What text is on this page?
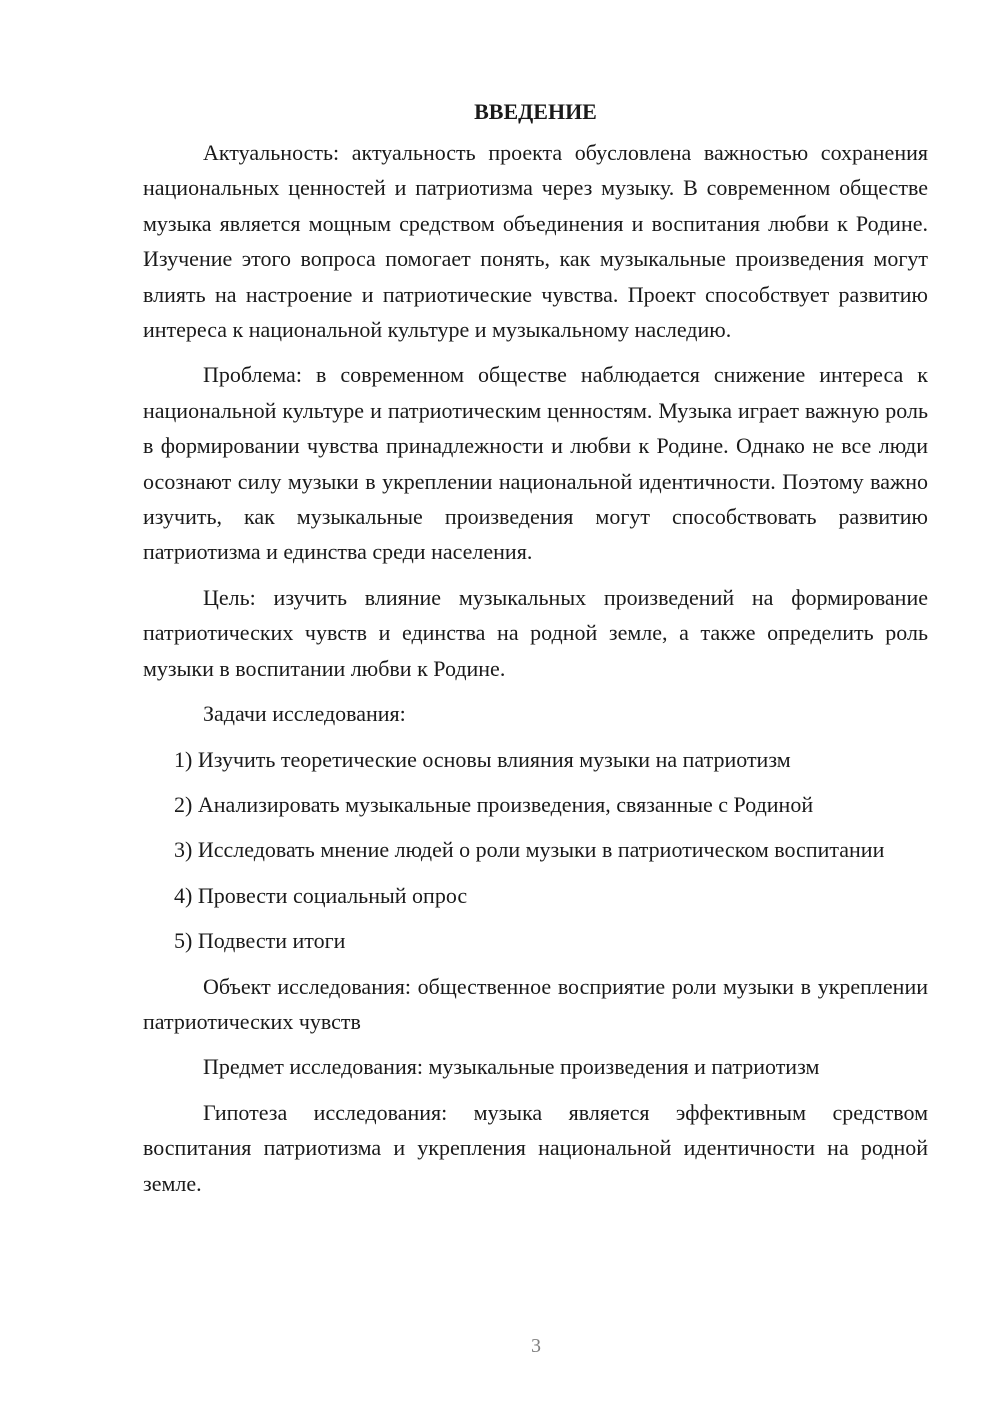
ВВЕДЕНИЕ

Актуальность: актуальность проекта обусловлена важностью сохранения национальных ценностей и патриотизма через музыку. В современном обществе музыка является мощным средством объединения и воспитания любви к Родине. Изучение этого вопроса помогает понять, как музыкальные произведения могут влиять на настроение и патриотические чувства. Проект способствует развитию интереса к национальной культуре и музыкальному наследию.

Проблема: в современном обществе наблюдается снижение интереса к национальной культуре и патриотическим ценностям. Музыка играет важную роль в формировании чувства принадлежности и любви к Родине. Однако не все люди осознают силу музыки в укреплении национальной идентичности. Поэтому важно изучить, как музыкальные произведения могут способствовать развитию патриотизма и единства среди населения.

Цель: изучить влияние музыкальных произведений на формирование патриотических чувств и единства на родной земле, а также определить роль музыки в воспитании любви к Родине.

Задачи исследования:

1) Изучить теоретические основы влияния музыки на патриотизм

2) Анализировать музыкальные произведения, связанные с Родиной

3) Исследовать мнение людей о роли музыки в патриотическом воспитании

4) Провести социальный опрос

5) Подвести итоги

Объект исследования: общественное восприятие роли музыки в укреплении патриотических чувств

Предмет исследования: музыкальные произведения и патриотизм

Гипотеза исследования: музыка является эффективным средством воспитания патриотизма и укрепления национальной идентичности на родной земле.

3
